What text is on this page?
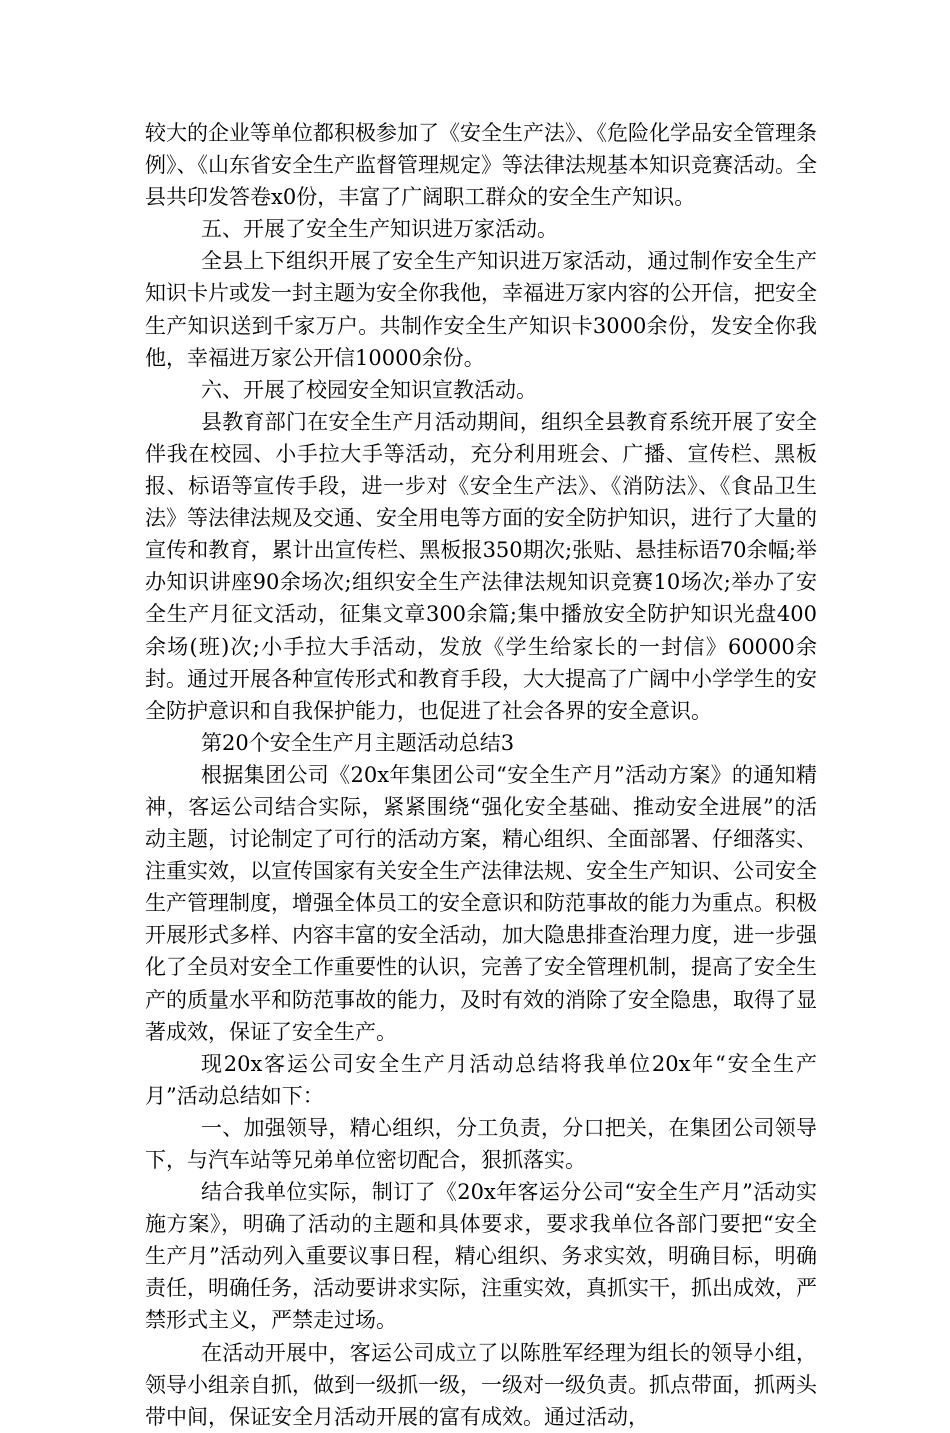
较大的企业等单位都积极参加了《安全生产法》、《危险化学品安全管理条例》、《山东省安全生产监督管理规定》等法律法规基本知识竞赛活动。全县共印发答卷x0份，丰富了广阔职工群众的安全生产知识。

五、开展了安全生产知识进万家活动。

全县上下组织开展了安全生产知识进万家活动，通过制作安全生产知识卡片或发一封主题为安全你我他，幸福进万家内容的公开信，把安全生产知识送到千家万户。共制作安全生产知识卡3000余份，发安全你我他，幸福进万家公开信10000余份。

六、开展了校园安全知识宣教活动。

县教育部门在安全生产月活动期间，组织全县教育系统开展了安全伴我在校园、小手拉大手等活动，充分利用班会、广播、宣传栏、黑板报、标语等宣传手段，进一步对《安全生产法》、《消防法》、《食品卫生法》等法律法规及交通、安全用电等方面的安全防护知识，进行了大量的宣传和教育，累计出宣传栏、黑板报350期次;张贴、悬挂标语70余幅;举办知识讲座90余场次;组织安全生产法律法规知识竞赛10场次;举办了安全生产月征文活动，征集文章300余篇;集中播放安全防护知识光盘400余场(班)次;小手拉大手活动，发放《学生给家长的一封信》60000余封。通过开展各种宣传形式和教育手段，大大提高了广阔中小学学生的安全防护意识和自我保护能力，也促进了社会各界的安全意识。

第20个安全生产月主题活动总结3

根据集团公司《20x年集团公司“安全生产月”活动方案》的通知精神，客运公司结合实际，紧紧围绕“强化安全基础、推动安全进展”的活动主题，讨论制定了可行的活动方案，精心组织、全面部署、仔细落实、注重实效，以宣传国家有关安全生产法律法规、安全生产知识、公司安全生产管理制度，增强全体员工的安全意识和防范事故的能力为重点。积极开展形式多样、内容丰富的安全活动，加大隐患排查治理力度，进一步强化了全员对安全工作重要性的认识，完善了安全管理机制，提高了安全生产的质量水平和防范事故的能力，及时有效的消除了安全隐患，取得了显著成效，保证了安全生产。

现20x客运公司安全生产月活动总结将我单位20x年“安全生产月”活动总结如下：

一、加强领导，精心组织，分工负责，分口把关，在集团公司领导下，与汽车站等兄弟单位密切配合，狠抓落实。

结合我单位实际，制订了《20x年客运分公司“安全生产月”活动实施方案》，明确了活动的主题和具体要求，要求我单位各部门要把“安全生产月”活动列入重要议事日程，精心组织、务求实效，明确目标，明确责任，明确任务，活动要讲求实际，注重实效，真抓实干，抓出成效，严禁形式主义，严禁走过场。

在活动开展中，客运公司成立了以陈胜军经理为组长的领导小组，领导小组亲自抓，做到一级抓一级，一级对一级负责。抓点带面，抓两头带中间，保证安全月活动开展的富有成效。通过活动，
